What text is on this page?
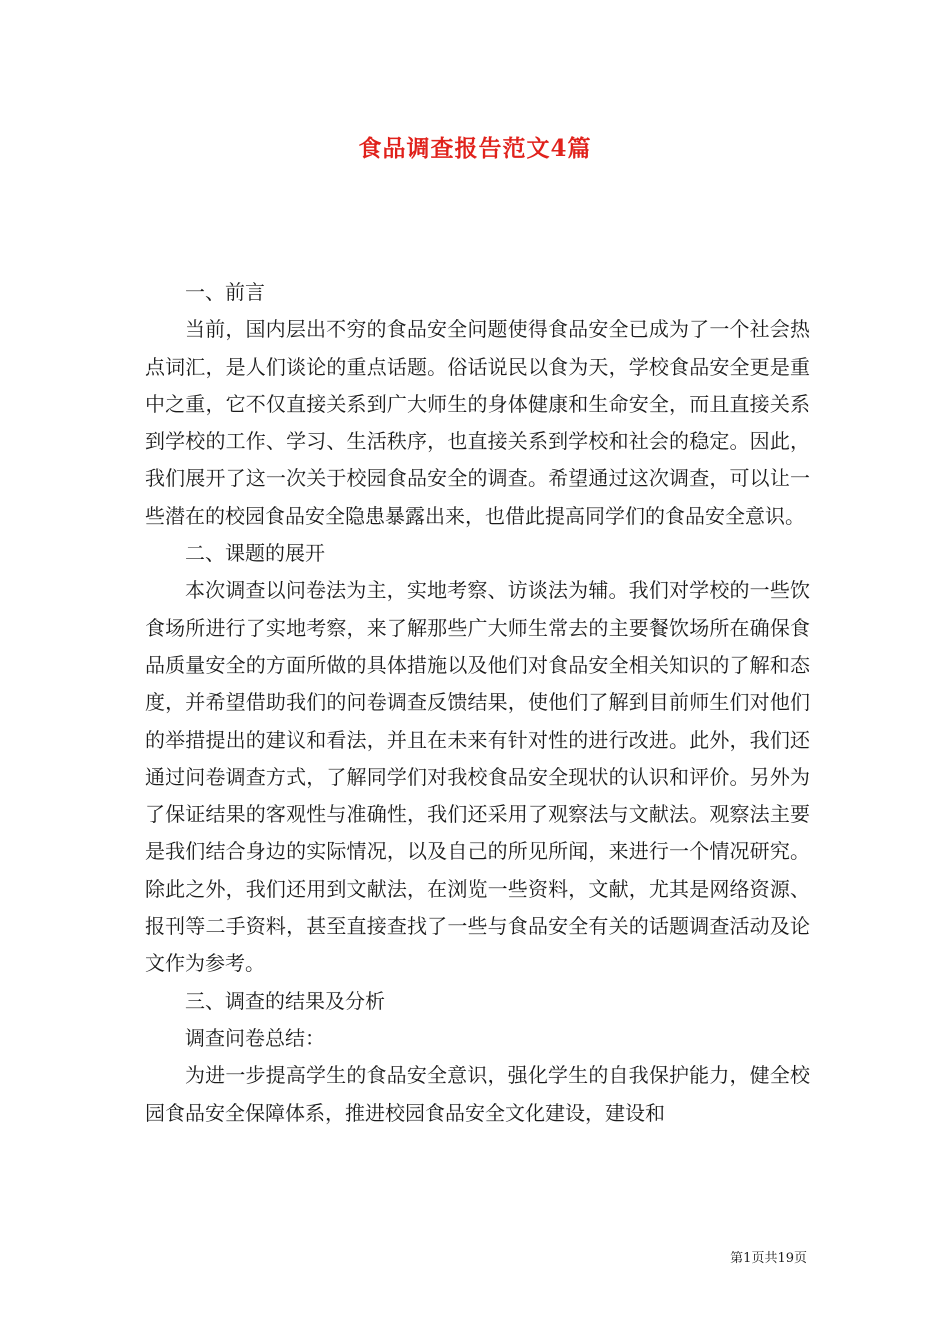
食品调查报告范文4篇

一、前言

当前，国内层出不穷的食品安全问题使得食品安全已成为了一个社会热点词汇，是人们谈论的重点话题。俗话说民以食为天，学校食品安全更是重中之重，它不仅直接关系到广大师生的身体健康和生命安全，而且直接关系到学校的工作、学习、生活秩序，也直接关系到学校和社会的稳定。因此，我们展开了这一次关于校园食品安全的调查。希望通过这次调查，可以让一些潜在的校园食品安全隐患暴露出来，也借此提高同学们的食品安全意识。

二、课题的展开

本次调查以问卷法为主，实地考察、访谈法为辅。我们对学校的一些饮食场所进行了实地考察，来了解那些广大师生常去的主要餐饮场所在确保食品质量安全的方面所做的具体措施以及他们对食品安全相关知识的了解和态度，并希望借助我们的问卷调查反馈结果，使他们了解到目前师生们对他们的举措提出的建议和看法，并且在未来有针对性的进行改进。此外，我们还通过问卷调查方式，了解同学们对我校食品安全现状的认识和评价。另外为了保证结果的客观性与准确性，我们还采用了观察法与文献法。观察法主要是我们结合身边的实际情况，以及自己的所见所闻，来进行一个情况研究。除此之外，我们还用到文献法，在浏览一些资料，文献，尤其是网络资源、报刊等二手资料，甚至直接查找了一些与食品安全有关的话题调查活动及论文作为参考。

三、调查的结果及分析

调查问卷总结：

为进一步提高学生的食品安全意识，强化学生的自我保护能力，健全校园食品安全保障体系，推进校园食品安全文化建设，建设和

第1页共19页
